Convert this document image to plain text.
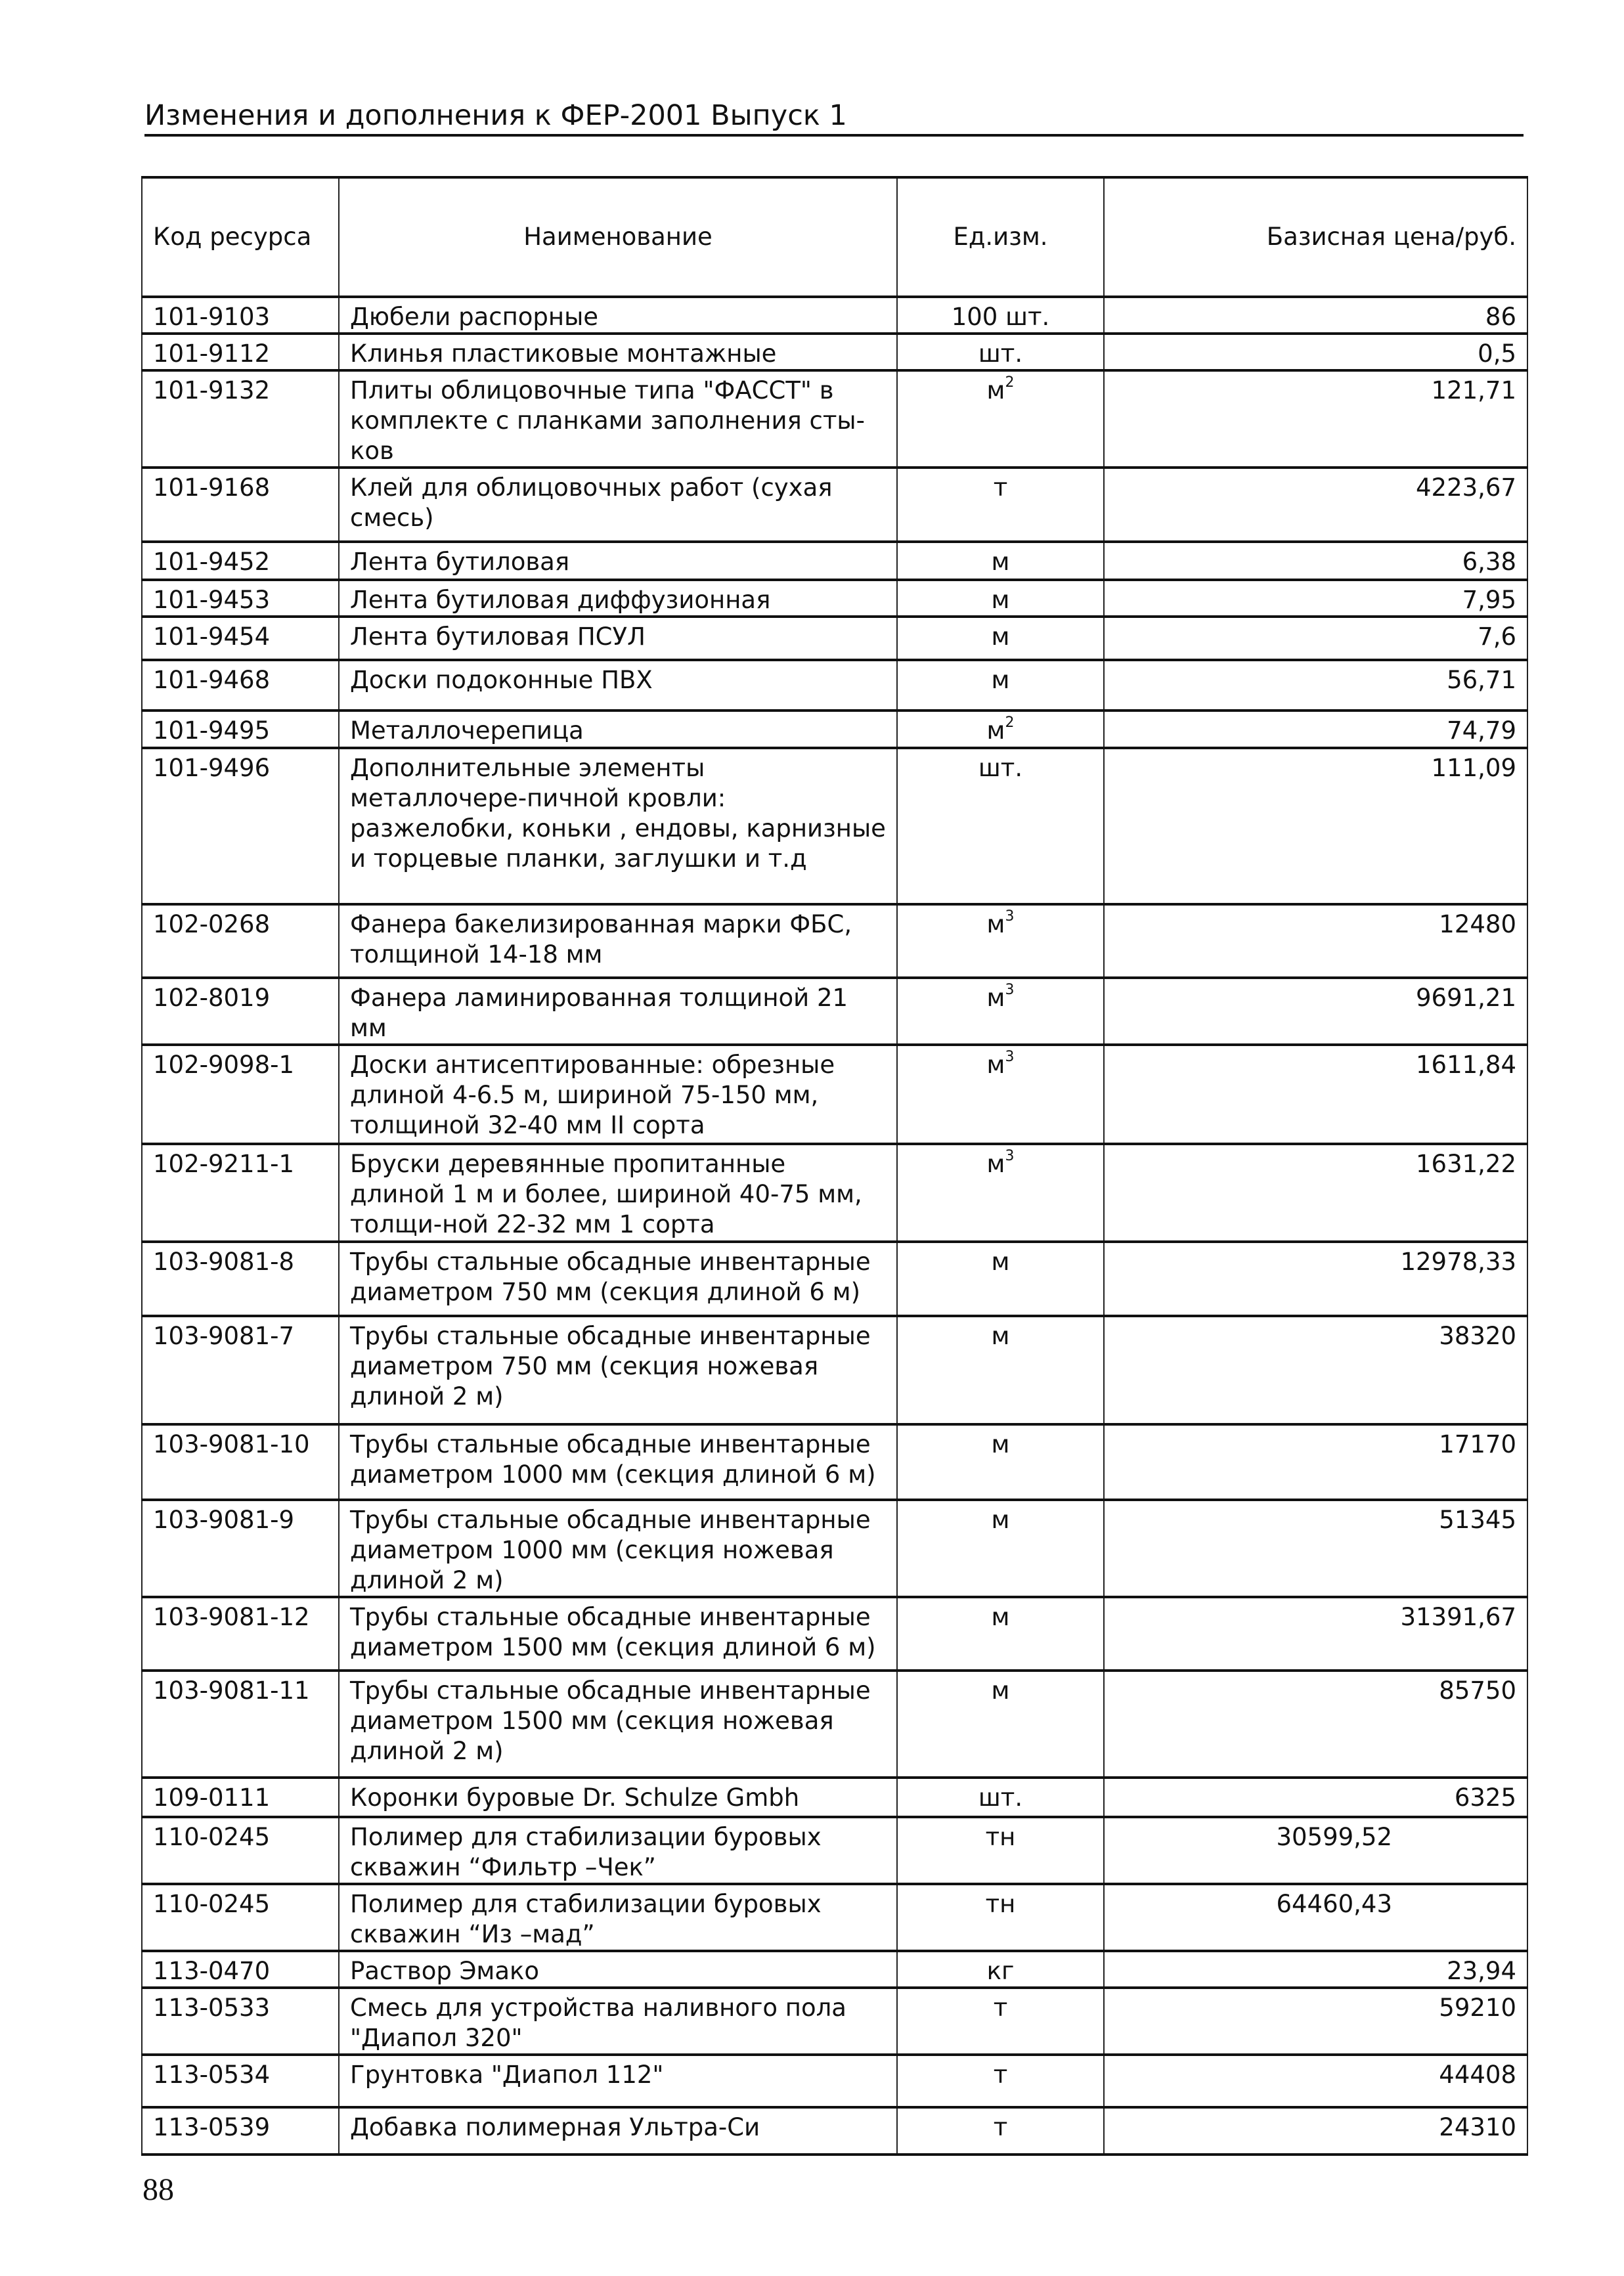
Изменения и дополнения к ФЕР-2001 Выпуск 1
Код ресурса	Наименование	Ед.изм.	Базисная цена/руб.
101-9103	Дюбели распорные	100 шт.	86
101-9112	Клинья пластиковые монтажные	шт.	0,5
101-9132	Плиты облицовочные типа "ФАССТ" в комплекте с планками заполнения сты-ков	$м^2$	121,71
101-9168	Клей для облицовочных работ (сухая смесь)	т	4223,67
101-9452	Лента бутиловая	м	6,38
101-9453	Лента бутиловая диффузионная	м	7,95
101-9454	Лента бутиловая ПСУЛ	м	7,6
101-9468	Доски подоконные ПВХ	м	56,71
101-9495	Металлочерепица	$м^2$	74,79
101-9496	Дополнительные элементы металлочере-пичной кровли: разжелобки, коньки , ендовы, карнизные и торцевые планки, заглушки и т.д	шт.	111,09
102-0268	Фанера бакелизированная марки ФБС, толщиной 14-18 мм	$м^3$	12480
102-8019	Фанера ламинированная толщиной 21 мм	$м^3$	9691,21
102-9098-1	Доски антисептированные: обрезные длиной 4-6.5 м, шириной 75-150 мм, толщиной 32-40 мм II сорта	$м^3$	1611,84
102-9211-1	Бруски деревянные пропитанные длиной 1 м и более, шириной 40-75 мм, толщи-ной 22-32 мм 1 сорта	$м^3$	1631,22
103-9081-8	Трубы стальные обсадные инвентарные диаметром 750 мм (секция длиной 6 м)	м	12978,33
103-9081-7	Трубы стальные обсадные инвентарные диаметром 750 мм (секция ножевая длиной 2 м)	м	38320
103-9081-10	Трубы стальные обсадные инвентарные диаметром 1000 мм (секция длиной 6 м)	м	17170
103-9081-9	Трубы стальные обсадные инвентарные диаметром 1000 мм (секция ножевая длиной 2 м)	м	51345
103-9081-12	Трубы стальные обсадные инвентарные диаметром 1500 мм (секция длиной 6 м)	м	31391,67
103-9081-11	Трубы стальные обсадные инвентарные диаметром 1500 мм (секция ножевая длиной 2 м)	м	85750
109-0111	Коронки буровые Dr. Schulze Gmbh	шт.	6325
110-0245	Полимер для стабилизации буровых скважин “Фильтр –Чек”	тн	30599,52
110-0245	Полимер для стабилизации буровых скважин “Из –мад”	тн	64460,43
113-0470	Раствор Эмако	кг	23,94
113-0533	Смесь для устройства наливного пола "Диапол 320"	т	59210
113-0534	Грунтовка "Диапол 112"	т	44408
113-0539	Добавка полимерная Ультра-Си	т	24310
88
